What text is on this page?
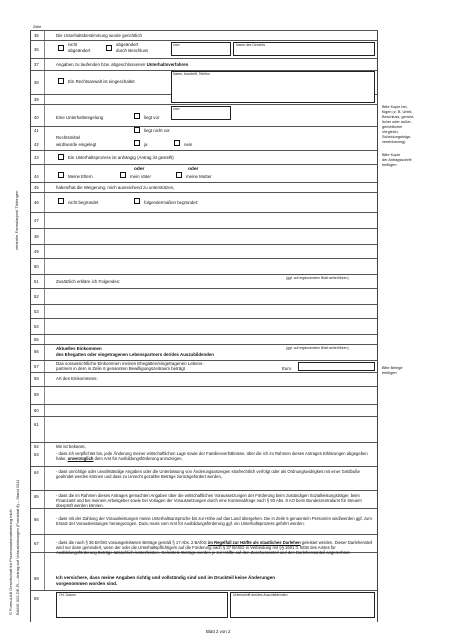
zentraler Formularpool Thüringen
© FormuLAB Gesellschaft für Prozessautomatisierung mbH BAföG 002-DE-FL – Antrag auf Vorausleistungen (Formblatt 8) – Stand 2011
Zeile
35	Die Unterhaltsbestimmung wurde gerichtlich
36
nicht
abgeändert
abgeändert
durch Beschluss
vom	Name des Gerichts
37	Angaben zu laufenden bzw. abgeschlossenen Unterhaltsverfahren
38	Ein Rechtsanwalt ist eingeschaltet
Name, Anschrift, Telefon
39
40	Eine Unterhaltsregelung	liegt vor
vom
41	liegt nicht vor
Rechtsmittel
42	wird/wurde eingelegt	ja	nein
43	Ein Unterhaltsprozess ist anhängig (Antrag ist gestellt)
44	Meine Eltern
oder
mein Vater
oder
meine Mutter
45	haben/hat die Weigerung, mich ausreichend zu unterstützen,
46	nicht begründet	folgendermaßen begründet:
47
48
49
50
51	Zusätzlich erkläre ich Folgendes:
(ggf. auf ergänzendem Blatt weiterführen)
52
53
54
55
56
Aktuelles Einkommen
des Ehegatten oder eingetragenen Lebenspartners der/des Auszubildenden
(ggf. auf ergänzendem Blatt weiterführen)
57
Das voraussichtliche Einkommen meines Ehegatten/eingetragenen Lebens-
partners in dem in Zeile 6 genannten Bewilligungszeitraum beträgt	Euro
58	Art des Einkommens:
59
60
61
62	Mir ist bekannt,
63	- dass ich verpflichtet bin, jede Änderung meiner wirtschaftlichen Lage sowie der Familienverhältnisse, über die ich im Rahmen dieses Antrages Erklärungen abgegeben habe, unverzüglich dem Amt für Ausbildungsförderung anzuzeigen,
64	- dass unrichtige oder unvollständige Angaben oder die Unterlassung von Änderungsanzeigen strafrechtlich verfolgt oder als Ordnungswidrigkeit mit einer Geldbuße geahndet werden können und dass zu Unrecht gezahlte Beträge zurückgefordert werden,
65	- dass die im Rahmen dieses Antrages gemachten Angaben über die wirtschaftlichen Voraussetzungen der Förderung beim zuständigen Sozialleistungsträger, beim Finanzamt und bei meinem Arbeitgeber sowie bei Vorlagen der Voraussetzungen durch eine Kontenabfrage nach § 93 Abs. 8 AO beim Bundeszentralamt für Steuern überprüft werden können.
66	- dass mit der Zahlung der Vorausleistungen meine Unterhaltsansprüche bis zur Höhe auf das Land übergehen. Die in Zeile 5 genannte/n Person/en wird/werden ggf. zum Ersatz der Vorausleistungen herangezogen. Dazu muss vom Amt für Ausbildungsförderung ggf. ein Unterhaltsprozess geführt werden.
67	- dass die nach § 36 BAföG vorausgeleisteten Beträge gemäß § 17 Abs. 2 BAföG im Regelfall zur Hälfte als staatliches Darlehen geleistet werden. Dieser Darlehensteil wird nur dann gemindert, wenn der oder die Unterhaltspflichtige/n auf die Forderung nach § 37 BAföG in Verbindung mit §§ 1601 ff. BGB des Amtes für Ausbildungsförderung Beträge tatsächlich leistet/leisten. Geleistete Beträge werden je zur Hälfte auf den Zuschussanteil und den Darlehensanteil angerechnet.
68	Ich versichere, dass meine Angaben richtig und vollständig sind und im Druckteil keine Änderungen
vorgenommen worden sind.
69
Ort, Datum	Unterschrift der/des Auszubildenden
Bitte Kopie bei-
fügen (z. B. Urteil,
Beschluss, gericht-
licher oder außer-
gerichtlicher
Vergleich,
Scheidungsfolge-
vereinbarung)
Bitte Kopie
der Antragsschrift
beifügen
Bitte Belege
beifügen
Blatt 2 von 2
